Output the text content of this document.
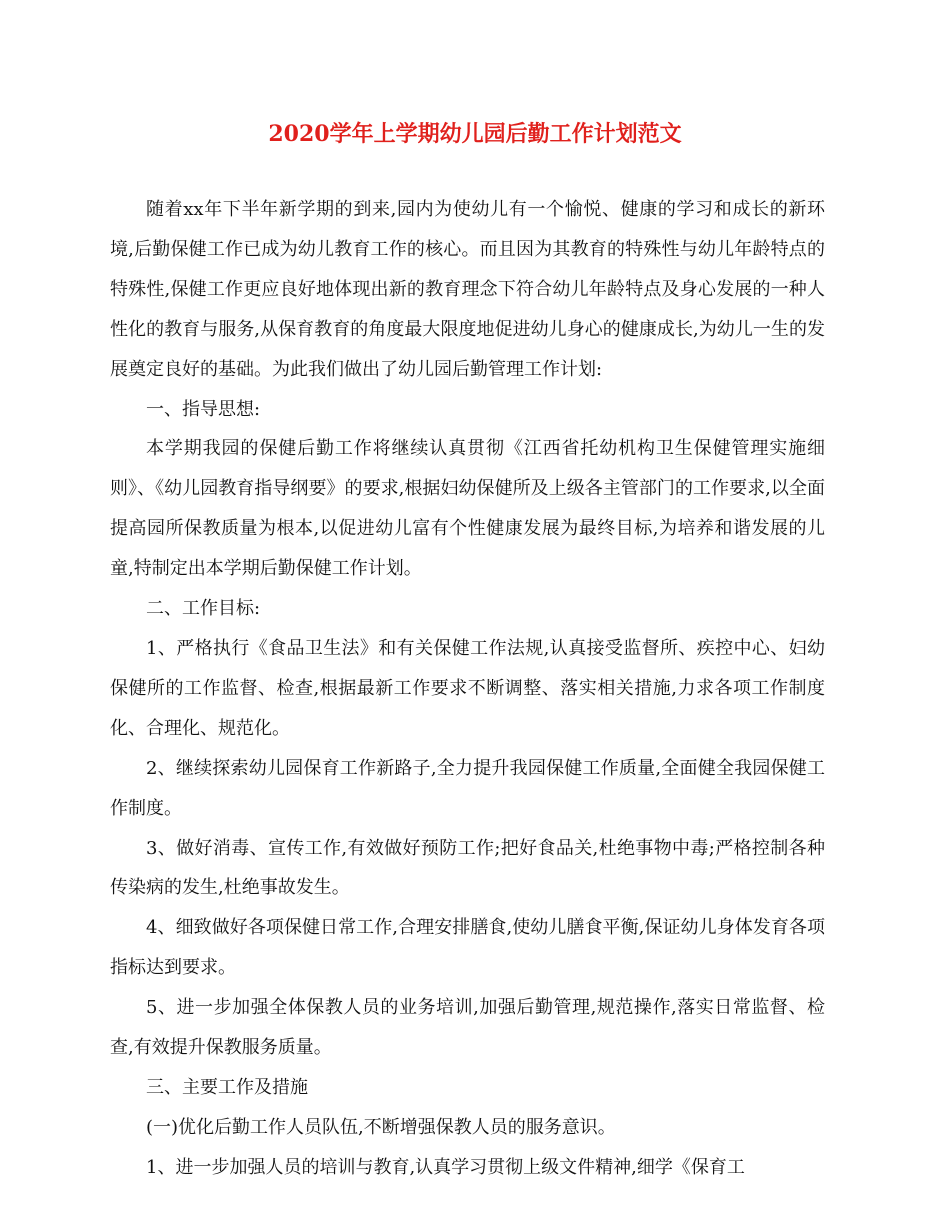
2020学年上学期幼儿园后勤工作计划范文

随着xx年下半年新学期的到来,园内为使幼儿有一个愉悦、健康的学习和成长的新环境,后勤保健工作已成为幼儿教育工作的核心。而且因为其教育的特殊性与幼儿年龄特点的特殊性,保健工作更应良好地体现出新的教育理念下符合幼儿年龄特点及身心发展的一种人性化的教育与服务,从保育教育的角度最大限度地促进幼儿身心的健康成长,为幼儿一生的发展奠定良好的基础。为此我们做出了幼儿园后勤管理工作计划:

一、指导思想:

本学期我园的保健后勤工作将继续认真贯彻《江西省托幼机构卫生保健管理实施细则》、《幼儿园教育指导纲要》的要求,根据妇幼保健所及上级各主管部门的工作要求,以全面提高园所保教质量为根本,以促进幼儿富有个性健康发展为最终目标,为培养和谐发展的儿童,特制定出本学期后勤保健工作计划。

二、工作目标:

1、严格执行《食品卫生法》和有关保健工作法规,认真接受监督所、疾控中心、妇幼保健所的工作监督、检查,根据最新工作要求不断调整、落实相关措施,力求各项工作制度化、合理化、规范化。

2、继续探索幼儿园保育工作新路子,全力提升我园保健工作质量,全面健全我园保健工作制度。

3、做好消毒、宣传工作,有效做好预防工作;把好食品关,杜绝事物中毒;严格控制各种传染病的发生,杜绝事故发生。

4、细致做好各项保健日常工作,合理安排膳食,使幼儿膳食平衡,保证幼儿身体发育各项指标达到要求。

5、进一步加强全体保教人员的业务培训,加强后勤管理,规范操作,落实日常监督、检查,有效提升保教服务质量。

三、主要工作及措施

(一)优化后勤工作人员队伍,不断增强保教人员的服务意识。

1、进一步加强人员的培训与教育,认真学习贯彻上级文件精神,细学《保育工
